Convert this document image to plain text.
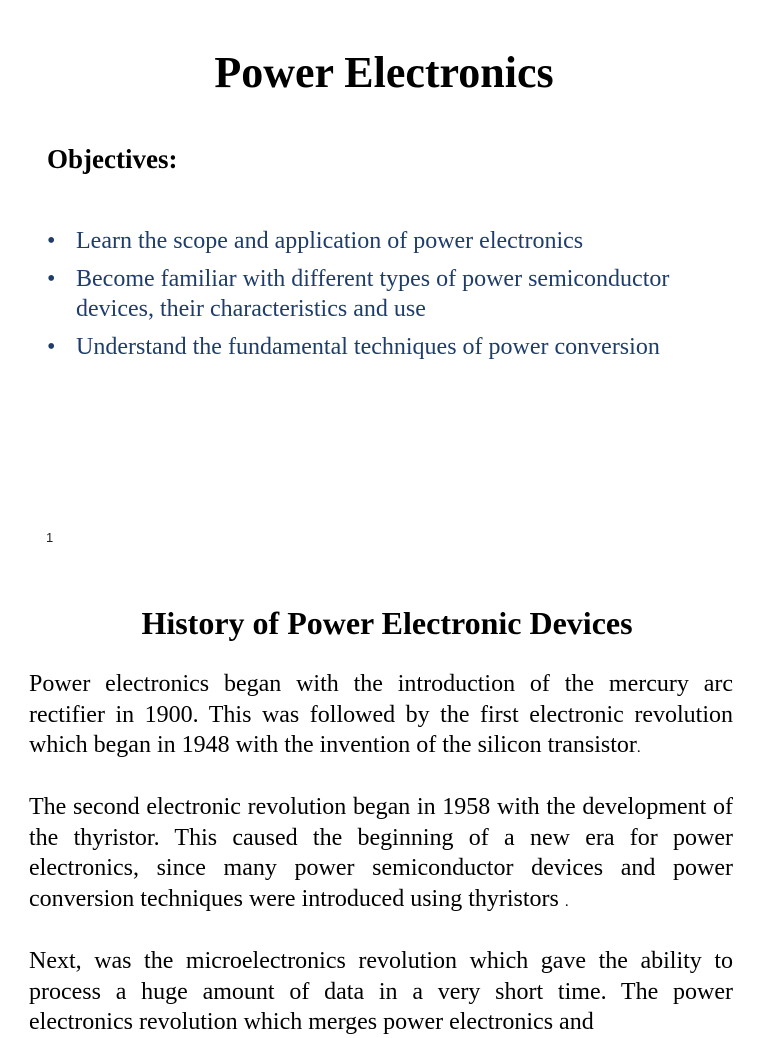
Power Electronics
Objectives:
• Learn the scope and application of power electronics
• Become familiar with different types of power semiconductor devices, their characteristics and use
• Understand the fundamental techniques of power conversion
1
History of Power Electronic Devices

Power electronics began with the introduction of the mercury arc rectifier in 1900. This was followed by the first electronic revolution which began in 1948 with the invention of the silicon transistor.

The second electronic revolution began in 1958 with the development of the thyristor. This caused the beginning of a new era for power electronics, since many power semiconductor devices and power conversion techniques were introduced using thyristors .

Next, was the microelectronics revolution which gave the ability to process a huge amount of data in a very short time. The power electronics revolution which merges power electronics and
